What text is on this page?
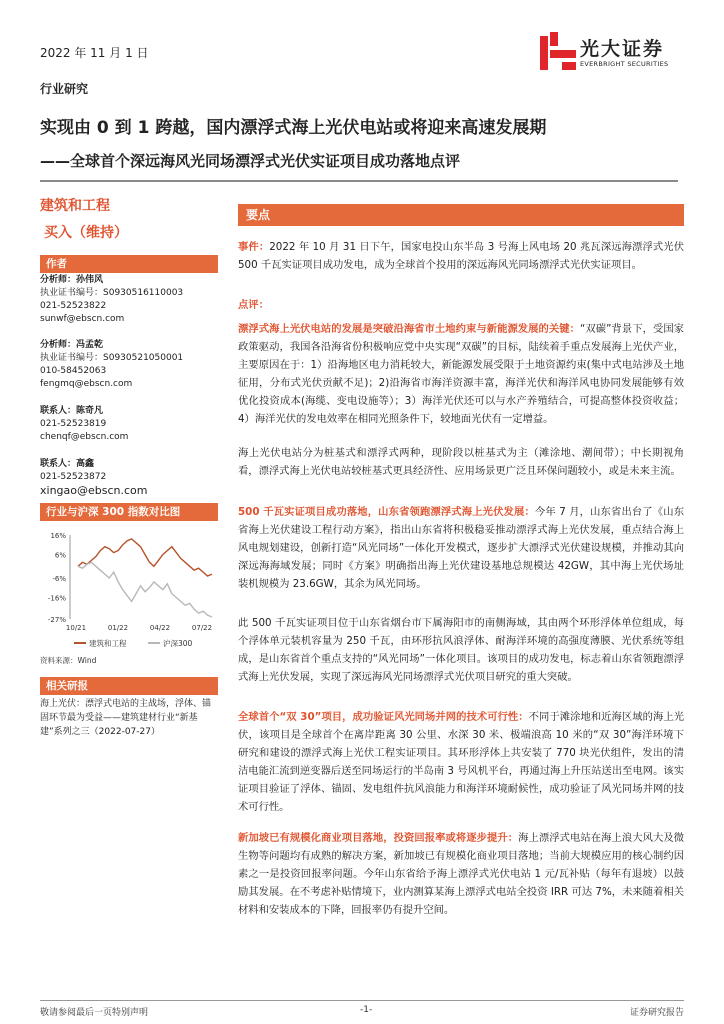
2022 年 11 月 1 日
行业研究
光大证券
EVERBRIGHT SECURITIES
实现由 0 到 1 跨越，国内漂浮式海上光伏电站或将迎来高速发展期
——全球首个深远海风光同场漂浮式光伏实证项目成功落地点评
建筑和工程
买入（维持）
作者
分析师：孙伟风
执业证书编号：S0930516110003
021-52523822
sunwf@ebscn.com
分析师：冯孟乾
执业证书编号：S0930521050001
010-58452063
fengmq@ebscn.com
联系人：陈奇凡
021-52523819
chenqf@ebscn.com
联系人：高鑫
021-52523872
xingao@ebscn.com
行业与沪深 300 指数对比图
16%
6%
-6%
-16%
-27%
10/21	01/22	04/22	07/22
建筑和工程	沪深300
资料来源：Wind
相关研报
海上光伏：漂浮式电站的主战场，浮体、锚固环节最为受益——建筑建材行业“新基建”系列之三（2022-07-27）
要点
事件：2022 年 10 月 31 日下午，国家电投山东半岛 3 号海上风电场 20 兆瓦深远海漂浮式光伏 500 千瓦实证项目成功发电，成为全球首个投用的深远海风光同场漂浮式光伏实证项目。
点评：
漂浮式海上光伏电站的发展是突破沿海省市土地约束与新能源发展的关键：“双碳”背景下，受国家政策驱动，我国各沿海省份积极响应党中央实现“双碳”的目标，陆续着手重点发展海上光伏产业，主要原因在于：1）沿海地区电力消耗较大，新能源发展受限于土地资源约束(集中式电站涉及土地征用，分布式光伏贡献不足)；2)沿海省市海洋资源丰富，海洋光伏和海洋风电协同发展能够有效优化投资成本(海缆、变电设施等）；3）海洋光伏还可以与水产养殖结合，可提高整体投资收益；4）海洋光伏的发电效率在相同光照条件下，较地面光伏有一定增益。
海上光伏电站分为桩基式和漂浮式两种，现阶段以桩基式为主（滩涂地、潮间带）；中长期视角看，漂浮式海上光伏电站较桩基式更具经济性、应用场景更广泛且环保问题较小，或是未来主流。
500 千瓦实证项目成功落地，山东省领跑漂浮式海上光伏发展：今年 7 月，山东省出台了《山东省海上光伏建设工程行动方案》，指出山东省将积极稳妥推动漂浮式海上光伏发展，重点结合海上风电规划建设，创新打造“风光同场”一体化开发模式，逐步扩大漂浮式光伏建设规模，并推动其向深远海海域发展；同时《方案》明确指出海上光伏建设基地总规模达 42GW，其中海上光伏场址装机规模为 23.6GW，其余为风光同场。
此 500 千瓦实证项目位于山东省烟台市下属海阳市的南侧海域，其由两个环形浮体单位组成，每个浮体单元装机容量为 250 千瓦，由环形抗风浪浮体、耐海洋环境的高强度薄膜、光伏系统等组成，是山东省首个重点支持的“风光同场”一体化项目。该项目的成功发电，标志着山东省领跑漂浮式海上光伏发展，实现了深远海风光同场漂浮式光伏项目研究的重大突破。
全球首个“双 30”项目，成功验证风光同场并网的技术可行性：不同于滩涂地和近海区域的海上光伏，该项目是全球首个在离岸距离 30 公里、水深 30 米、极端浪高 10 米的“双 30”海洋环境下研究和建设的漂浮式海上光伏工程实证项目。其环形浮体上共安装了 770 块光伏组件，发出的清洁电能汇流到逆变器后送至同场运行的半岛南 3 号风机平台，再通过海上升压站送出至电网。该实证项目验证了浮体、锚固、发电组件抗风浪能力和海洋环境耐候性，成功验证了风光同场并网的技术可行性。
新加坡已有规模化商业项目落地，投资回报率或将逐步提升：海上漂浮式电站在海上浪大风大及微生物等问题均有成熟的解决方案，新加坡已有规模化商业项目落地；当前大规模应用的核心制约因素之一是投资回报率问题。今年山东省给予海上漂浮式光伏电站 1 元/瓦补贴（每年有退坡）以鼓励其发展。在不考虑补贴情境下，业内测算某海上漂浮式电站全投资 IRR 可达 7%，未来随着相关材料和安装成本的下降，回报率仍有提升空间。
敬请参阅最后一页特别声明	-1-	证券研究报告
